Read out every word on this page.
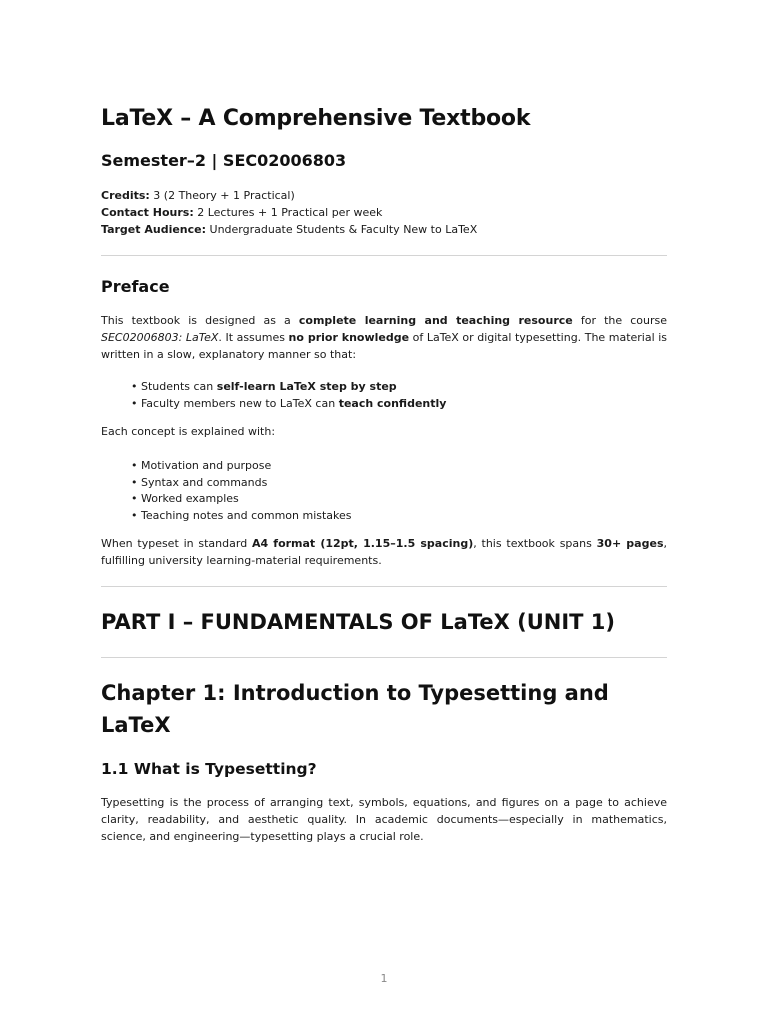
LaTeX – A Comprehensive Textbook
Semester–2 | SEC02006803
Credits: 3 (2 Theory + 1 Practical)
Contact Hours: 2 Lectures + 1 Practical per week
Target Audience: Undergraduate Students & Faculty New to LaTeX
Preface

This textbook is designed as a complete learning and teaching resource for the course SEC02006803: LaTeX. It assumes no prior knowledge of LaTeX or digital typesetting. The material is written in a slow, explanatory manner so that:

• Students can self-learn LaTeX step by step
• Faculty members new to LaTeX can teach confidently

Each concept is explained with:

• Motivation and purpose
• Syntax and commands
• Worked examples
• Teaching notes and common mistakes

When typeset in standard A4 format (12pt, 1.15–1.5 spacing), this textbook spans 30+ pages, fulfilling university learning-material requirements.

PART I – FUNDAMENTALS OF LaTeX (UNIT 1)
Chapter 1: Introduction to Typesetting and LaTeX
1.1 What is Typesetting?

Typesetting is the process of arranging text, symbols, equations, and figures on a page to achieve clarity, readability, and aesthetic quality. In academic documents—especially in mathematics, science, and engineering—typesetting plays a crucial role.

1
